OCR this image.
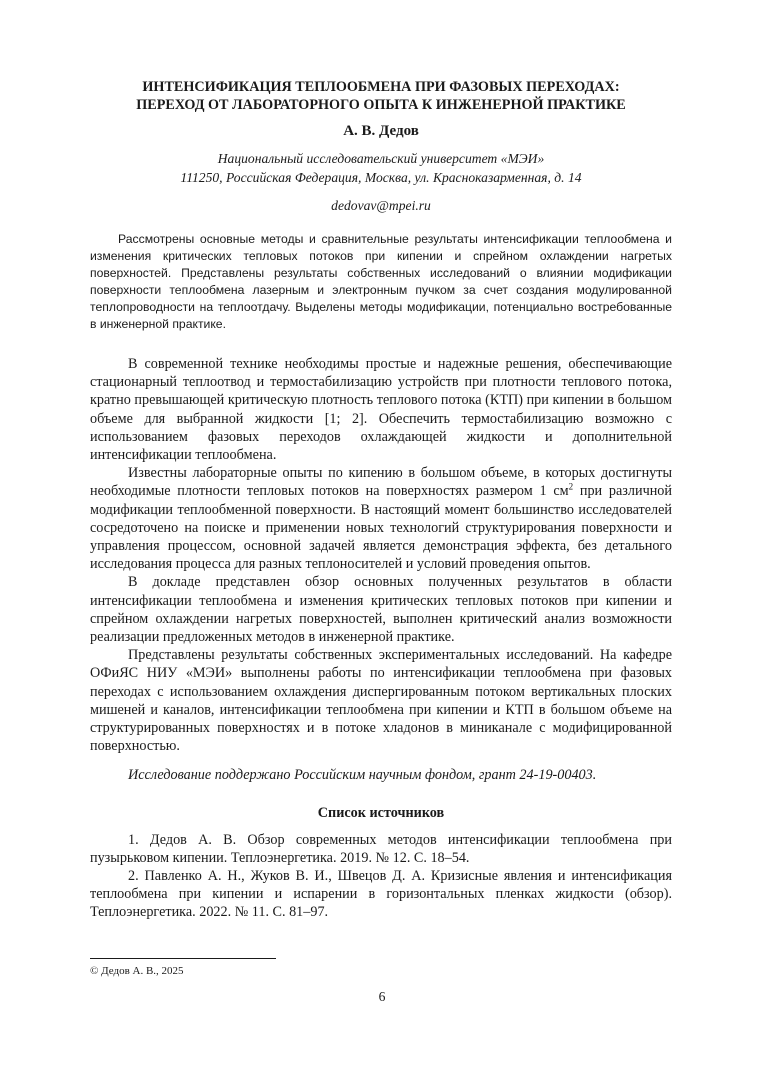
ИНТЕНСИФИКАЦИЯ ТЕПЛООБМЕНА ПРИ ФАЗОВЫХ ПЕРЕХОДАХ:
ПЕРЕХОД ОТ ЛАБОРАТОРНОГО ОПЫТА К ИНЖЕНЕРНОЙ ПРАКТИКЕ
А. В. Дедов
Национальный исследовательский университет «МЭИ»
111250, Российская Федерация, Москва, ул. Красноказарменная, д. 14
dedovav@mpei.ru

Рассмотрены основные методы и сравнительные результаты интенсификации теплообмена и изменения критических тепловых потоков при кипении и спрейном охлаждении нагретых поверхностей. Представлены результаты собственных исследований о влиянии модификации поверхности теплообмена лазерным и электронным пучком за счет создания модулированной теплопроводности на теплоотдачу. Выделены методы модификации, потенциально востребованные в инженерной практике.

В современной технике необходимы простые и надежные решения, обеспечивающие стационарный теплоотвод и термостабилизацию устройств при плотности теплового потока, кратно превышающей критическую плотность теплового потока (КТП) при кипении в большом объеме для выбранной жидкости [1; 2]. Обеспечить термостабилизацию возможно с использованием фазовых переходов охлаждающей жидкости и дополнительной интенсификации теплообмена.

Известны лабораторные опыты по кипению в большом объеме, в которых достигнуты необходимые плотности тепловых потоков на поверхностях размером 1 $см^2$ при различной модификации теплообменной поверхности. В настоящий момент большинство исследователей сосредоточено на поиске и применении новых технологий структурирования поверхности и управления процессом, основной задачей является демонстрация эффекта, без детального исследования процесса для разных теплоносителей и условий проведения опытов.

В докладе представлен обзор основных полученных результатов в области интенсификации теплообмена и изменения критических тепловых потоков при кипении и спрейном охлаждении нагретых поверхностей, выполнен критический анализ возможности реализации предложенных методов в инженерной практике.

Представлены результаты собственных экспериментальных исследований. На кафедре ОФиЯС НИУ «МЭИ» выполнены работы по интенсификации теплообмена при фазовых переходах с использованием охлаждения диспергированным потоком вертикальных плоских мишеней и каналов, интенсификации теплообмена при кипении и КТП в большом объеме на структурированных поверхностях и в потоке хладонов в миниканале с модифицированной поверхностью.

Исследование поддержано Российским научным фондом, грант 24-19-00403.

Список источников

1. Дедов А. В. Обзор современных методов интенсификации теплообмена при пузырьковом кипении. Теплоэнергетика. 2019. № 12. С. 18–54.

2. Павленко А. Н., Жуков В. И., Швецов Д. А. Кризисные явления и интенсификация теплообмена при кипении и испарении в горизонтальных пленках жидкости (обзор). Теплоэнергетика. 2022. № 11. С. 81–97.

© Дедов А. В., 2025
6
